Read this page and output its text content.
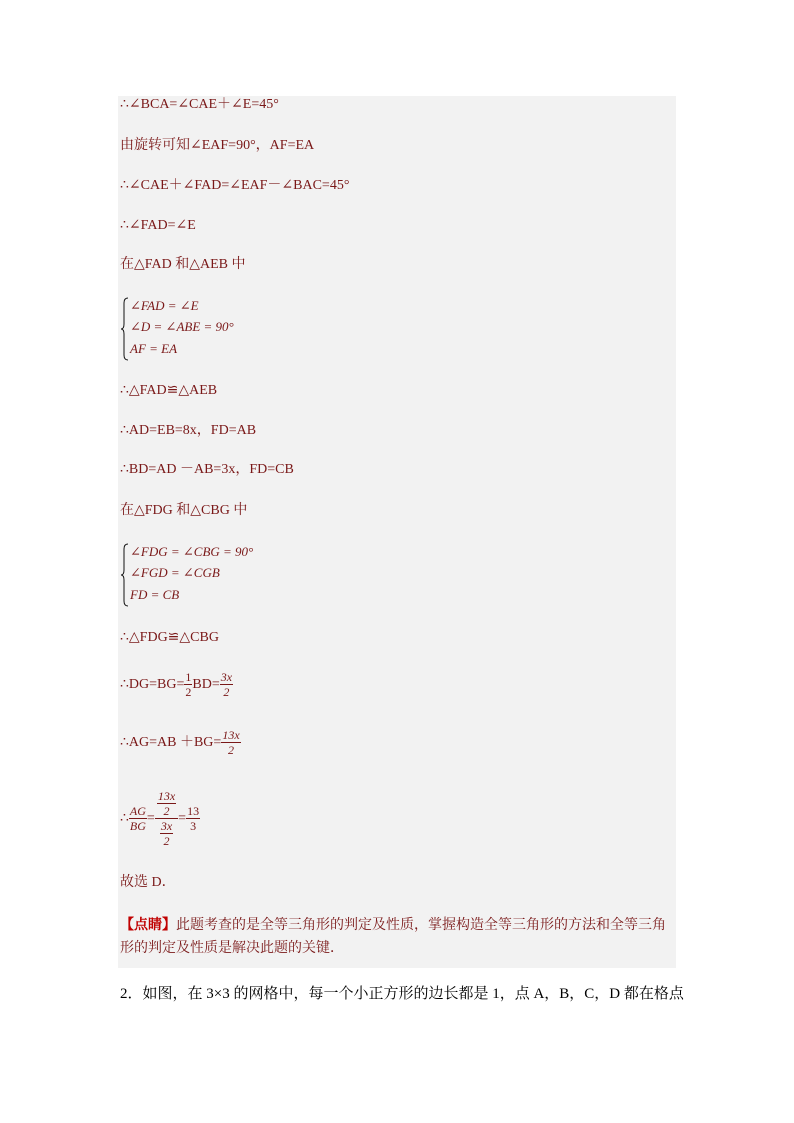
∴∠BCA=∠CAE＋∠E=45°
由旋转可知∠EAF=90°，AF=EA
∴∠CAE＋∠FAD=∠EAF－∠BAC=45°
∴∠FAD=∠E
在△FAD 和△AEB 中
∠FAD = ∠E
∠D = ∠ABE = 90°
AF = EA
∴△FAD≌△AEB
∴AD=EB=8x，FD=AB
∴BD=AD －AB=3x，FD=CB
在△FDG 和△CBG 中
∠FDG = ∠CBG = 90°
∠FGD = ∠CGB
FD = CB
∴△FDG≌△CBG
∴DG=BG= $\frac{1}{2} BD= \frac{3x}{2}$
∴AG=AB $+BG= \frac{13x}{2}$
∴ $\frac{AG}{BG} = \frac{\frac{13x}{2}}{\frac{3x}{2}} = \frac{13}{3}$
故选 D．
【点睛】此题考查的是全等三角形的判定及性质，掌握构造全等三角形的方法和全等三角形的判定及性质是解决此题的关键．
2．如图，在 3×3 的网格中，每一个小正方形的边长都是 1，点 A，B，C，D 都在格点
